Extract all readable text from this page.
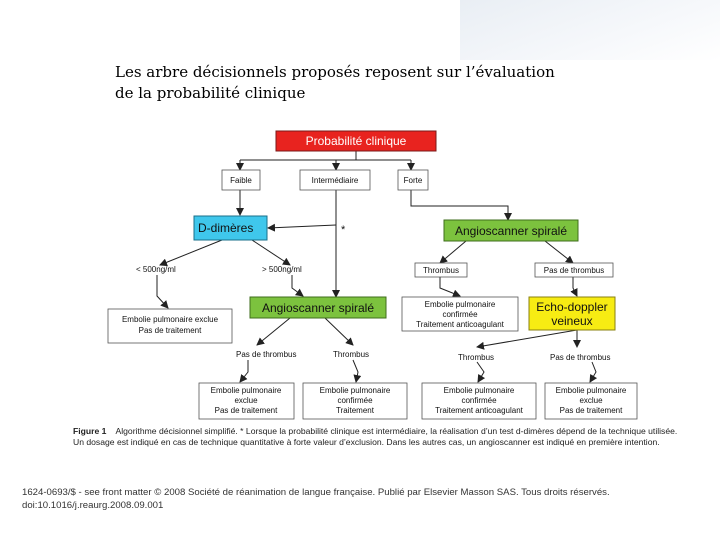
Les arbre décisionnels proposés reposent sur l’évaluation
de la probabilité clinique
Probabilité clinique
Faible	Intermédiaire	Forte
D-dimères	*
< 500ng/ml	> 500ng/ml
Embolie pulmonaire exclue
Pas de traitement
Angioscanner spiralé
Angioscanner spiralé
Thrombus	Pas de thrombus
Embolie pulmonaire
confirmée
Traitement anticoagulant
Echo-doppler
veineux
Pas de thrombus	Thrombus	Thrombus	Pas de thrombus
Embolie pulmonaire
exclue
Pas de traitement
Embolie pulmonaire
confirmée
Traitement
Embolie pulmonaire
confirmée
Traitement anticoagulant
Embolie pulmonaire
exclue
Pas de traitement
Figure 1 Algorithme décisionnel simplifié. * Lorsque la probabilité clinique est intermédiaire, la réalisation d’un test d-dimères dépend de la technique utilisée. Un dosage est indiqué en cas de technique quantitative à forte valeur d’exclusion. Dans les autres cas, un angioscanner est indiqué en première intention.
1624-0693/$ - see front matter © 2008 Société de réanimation de langue française. Publié par Elsevier Masson SAS. Tous droits réservés.
doi:10.1016/j.reaurg.2008.09.001
